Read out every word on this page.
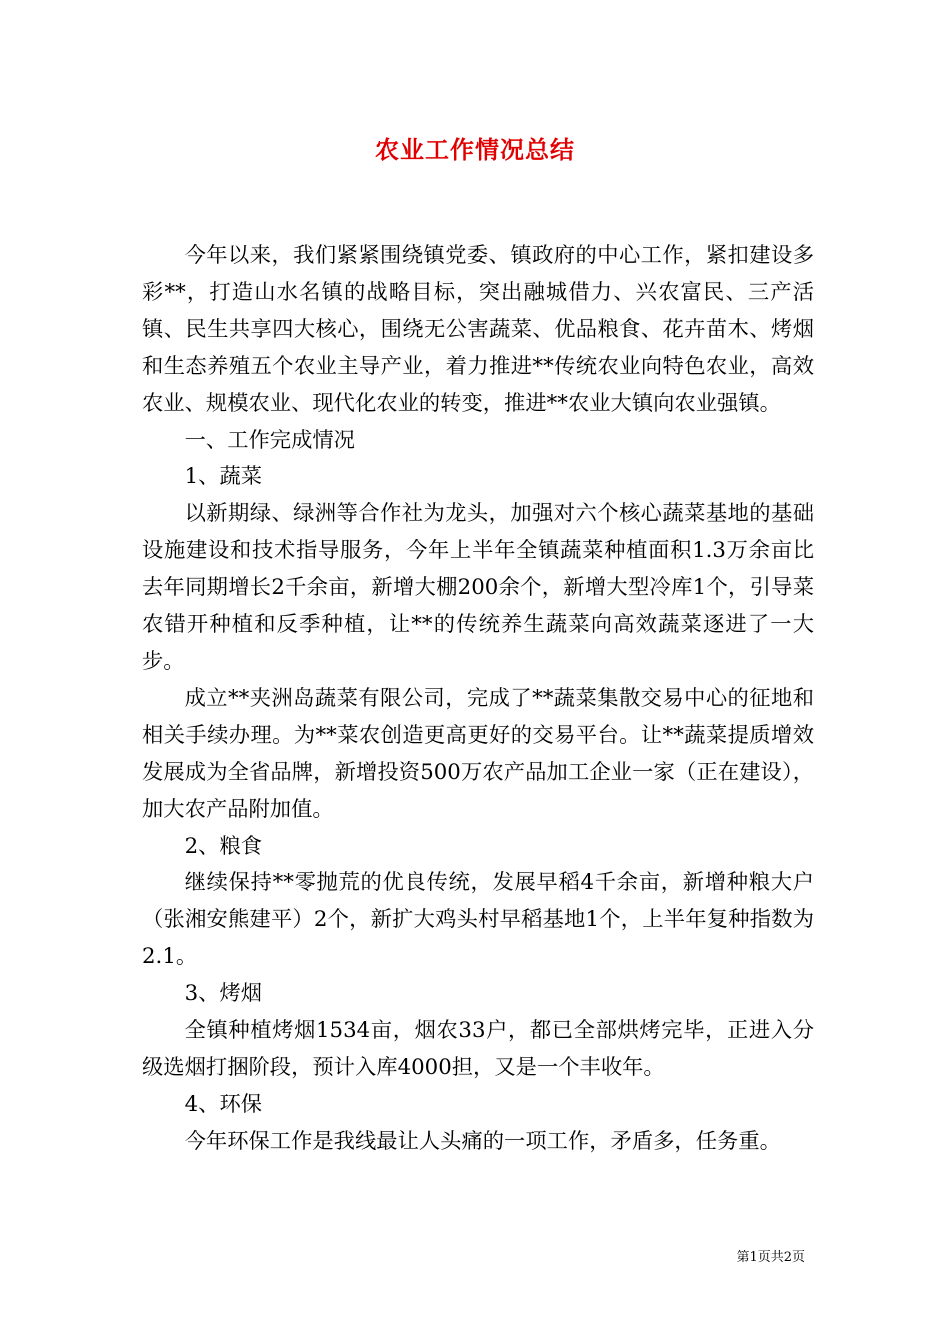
农业工作情况总结

今年以来，我们紧紧围绕镇党委、镇政府的中心工作，紧扣建设多彩**，打造山水名镇的战略目标，突出融城借力、兴农富民、三产活镇、民生共享四大核心，围绕无公害蔬菜、优品粮食、花卉苗木、烤烟和生态养殖五个农业主导产业，着力推进**传统农业向特色农业，高效农业、规模农业、现代化农业的转变，推进**农业大镇向农业强镇。

一、工作完成情况

1、蔬菜

以新期绿、绿洲等合作社为龙头，加强对六个核心蔬菜基地的基础设施建设和技术指导服务，今年上半年全镇蔬菜种植面积1.3万余亩比去年同期增长2千余亩，新增大棚200余个，新增大型冷库1个，引导菜农错开种植和反季种植，让**的传统养生蔬菜向高效蔬菜逐进了一大步。

成立**夹洲岛蔬菜有限公司，完成了**蔬菜集散交易中心的征地和相关手续办理。为**菜农创造更高更好的交易平台。让**蔬菜提质增效发展成为全省品牌，新增投资500万农产品加工企业一家（正在建设），加大农产品附加值。

2、粮食

继续保持**零抛荒的优良传统，发展早稻4千余亩，新增种粮大户（张湘安熊建平）2个，新扩大鸡头村早稻基地1个，上半年复种指数为2.1。

3、烤烟

全镇种植烤烟1534亩，烟农33户，都已全部烘烤完毕，正进入分级选烟打捆阶段，预计入库4000担，又是一个丰收年。

4、环保

今年环保工作是我线最让人头痛的一项工作，矛盾多，任务重。

第1页共2页
